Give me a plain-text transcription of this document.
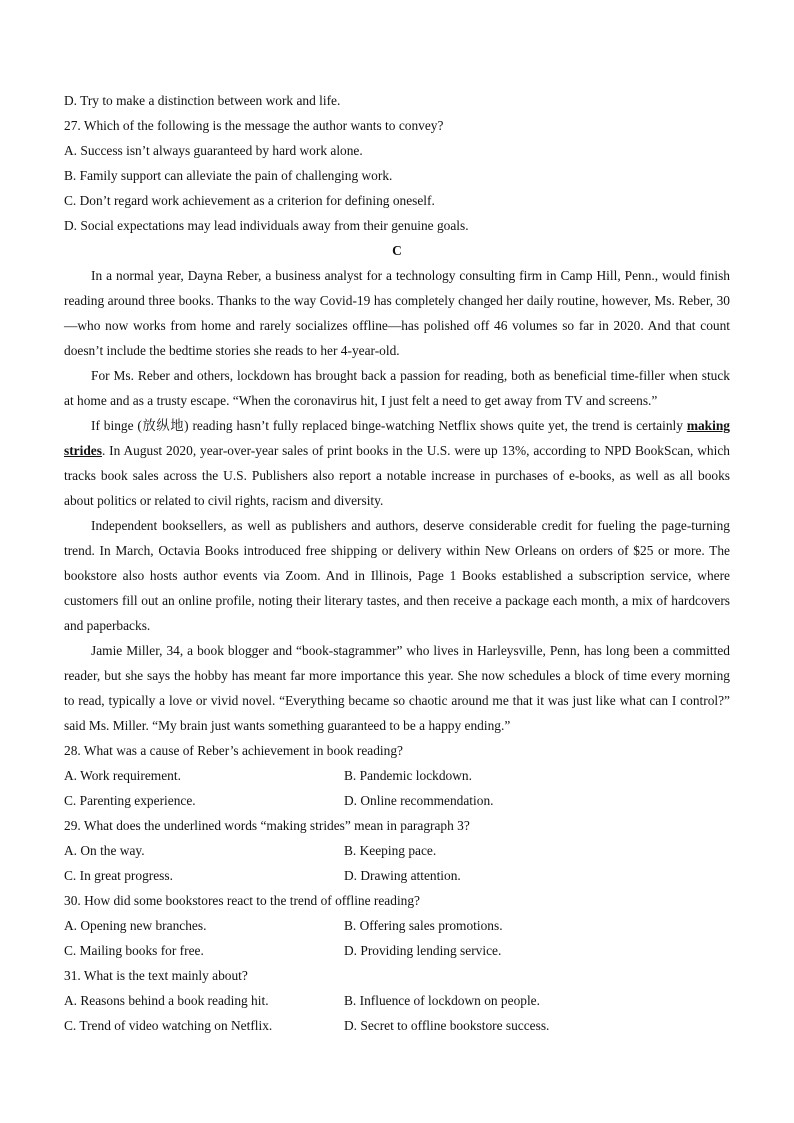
D. Try to make a distinction between work and life.
27. Which of the following is the message the author wants to convey?
A. Success isn’t always guaranteed by hard work alone.
B. Family support can alleviate the pain of challenging work.
C. Don’t regard work achievement as a criterion for defining oneself.
D. Social expectations may lead individuals away from their genuine goals.
C

In a normal year, Dayna Reber, a business analyst for a technology consulting firm in Camp Hill, Penn., would finish reading around three books. Thanks to the way Covid-19 has completely changed her daily routine, however, Ms. Reber, 30—who now works from home and rarely socializes offline—has polished off 46 volumes so far in 2020. And that count doesn’t include the bedtime stories she reads to her 4-year-old.

For Ms. Reber and others, lockdown has brought back a passion for reading, both as beneficial time-filler when stuck at home and as a trusty escape. “When the coronavirus hit, I just felt a need to get away from TV and screens.”

If binge (放纵地) reading hasn’t fully replaced binge-watching Netflix shows quite yet, the trend is certainly making strides. In August 2020, year-over-year sales of print books in the U.S. were up 13%, according to NPD BookScan, which tracks book sales across the U.S. Publishers also report a notable increase in purchases of e-books, as well as all books about politics or related to civil rights, racism and diversity.

Independent booksellers, as well as publishers and authors, deserve considerable credit for fueling the page-turning trend. In March, Octavia Books introduced free shipping or delivery within New Orleans on orders of $25 or more. The bookstore also hosts author events via Zoom. And in Illinois, Page 1 Books established a subscription service, where customers fill out an online profile, noting their literary tastes, and then receive a package each month, a mix of hardcovers and paperbacks.

Jamie Miller, 34, a book blogger and “book-stagrammer” who lives in Harleysville, Penn, has long been a committed reader, but she says the hobby has meant far more importance this year. She now schedules a block of time every morning to read, typically a love or vivid novel. “Everything became so chaotic around me that it was just like what can I control?” said Ms. Miller. “My brain just wants something guaranteed to be a happy ending.”

28. What was a cause of Reber’s achievement in book reading?
A. Work requirement.	B. Pandemic lockdown.
C. Parenting experience.	D. Online recommendation.
29. What does the underlined words “making strides” mean in paragraph 3?
A. On the way.	B. Keeping pace.
C. In great progress.	D. Drawing attention.
30. How did some bookstores react to the trend of offline reading?
A. Opening new branches.	B. Offering sales promotions.
C. Mailing books for free.	D. Providing lending service.
31. What is the text mainly about?
A. Reasons behind a book reading hit.	B. Influence of lockdown on people.
C. Trend of video watching on Netflix.	D. Secret to offline bookstore success.
